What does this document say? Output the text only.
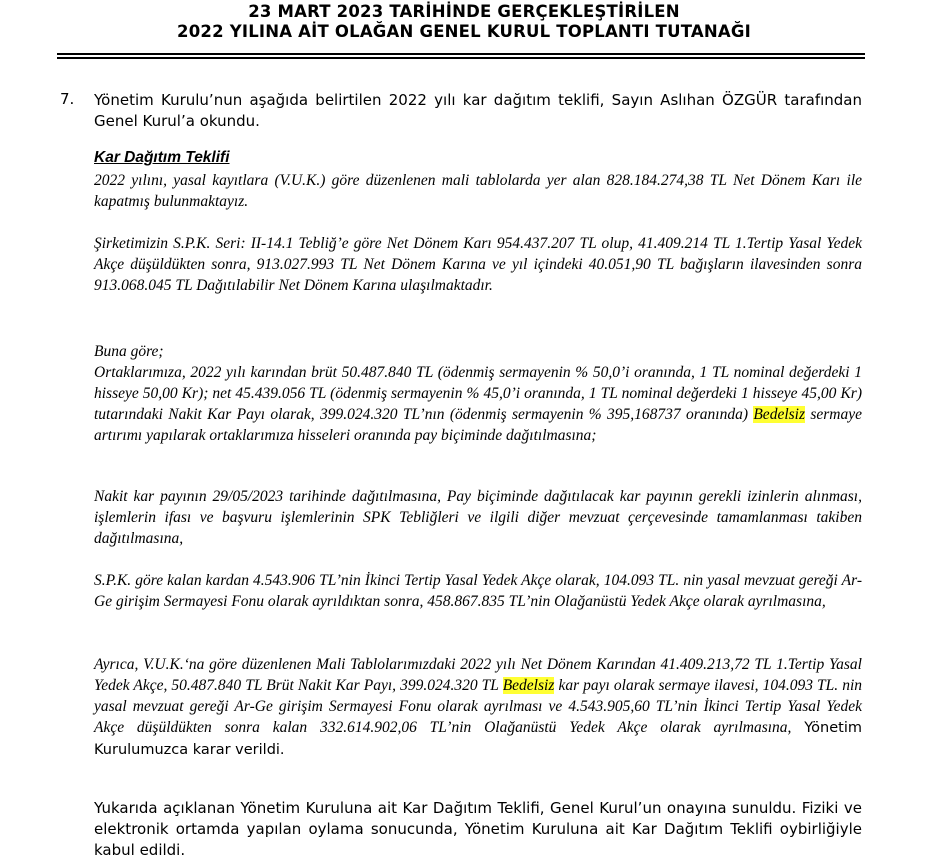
23 MART 2023 TARİHİNDE GERÇEKLEŞTİRİLEN
2022 YILINA AİT OLAĞAN GENEL KURUL TOPLANTI TUTANAĞI
7. Yönetim Kurulu’nun aşağıda belirtilen 2022 yılı kar dağıtım teklifi, Sayın Aslıhan ÖZGÜR tarafından Genel Kurul’a okundu.
Kar Dağıtım Teklifi
2022 yılını, yasal kayıtlara (V.U.K.) göre düzenlenen mali tablolarda yer alan 828.184.274,38 TL Net Dönem Karı ile kapatmış bulunmaktayız.
Şirketimizin S.P.K. Seri: II-14.1 Tebliğ’e göre Net Dönem Karı 954.437.207 TL olup, 41.409.214 TL 1.Tertip Yasal Yedek Akçe düşüldükten sonra, 913.027.993 TL Net Dönem Karına ve yıl içindeki 40.051,90 TL bağışların ilavesinden sonra 913.068.045 TL Dağıtılabilir Net Dönem Karına ulaşılmaktadır.
Buna göre;
Ortaklarımıza, 2022 yılı karından brüt 50.487.840 TL (ödenmiş sermayenin % 50,0’i oranında, 1 TL nominal değerdeki 1 hisseye 50,00 Kr); net 45.439.056 TL (ödenmiş sermayenin % 45,0’i oranında, 1 TL nominal değerdeki 1 hisseye 45,00 Kr) tutarındaki Nakit Kar Payı olarak, 399.024.320 TL’nın (ödenmiş sermayenin % 395,168737 oranında) Bedelsiz sermaye artırımı yapılarak ortaklarımıza hisseleri oranında pay biçiminde dağıtılmasına;
Nakit kar payının 29/05/2023 tarihinde dağıtılmasına, Pay biçiminde dağıtılacak kar payının gerekli izinlerin alınması, işlemlerin ifası ve başvuru işlemlerinin SPK Tebliğleri ve ilgili diğer mevzuat çerçevesinde tamamlanması takiben dağıtılmasına,
S.P.K. göre kalan kardan 4.543.906 TL’nin İkinci Tertip Yasal Yedek Akçe olarak, 104.093 TL. nin yasal mevzuat gereği Ar-Ge girişim Sermayesi Fonu olarak ayrıldıktan sonra, 458.867.835 TL’nin Olağanüstü Yedek Akçe olarak ayrılmasına,
Ayrıca, V.U.K.‘na göre düzenlenen Mali Tablolarımızdaki 2022 yılı Net Dönem Karından 41.409.213,72 TL 1.Tertip Yasal Yedek Akçe, 50.487.840 TL Brüt Nakit Kar Payı, 399.024.320 TL Bedelsiz kar payı olarak sermaye ilavesi, 104.093 TL. nin yasal mevzuat gereği Ar-Ge girişim Sermayesi Fonu olarak ayrılması ve 4.543.905,60 TL’nin İkinci Tertip Yasal Yedek Akçe düşüldükten sonra kalan 332.614.902,06 TL’nin Olağanüstü Yedek Akçe olarak ayrılmasına, Yönetim Kurulumuzca karar verildi.
Yukarıda açıklanan Yönetim Kuruluna ait Kar Dağıtım Teklifi, Genel Kurul’un onayına sunuldu. Fiziki ve elektronik ortamda yapılan oylama sonucunda, Yönetim Kuruluna ait Kar Dağıtım Teklifi oybirliğiyle kabul edildi.
